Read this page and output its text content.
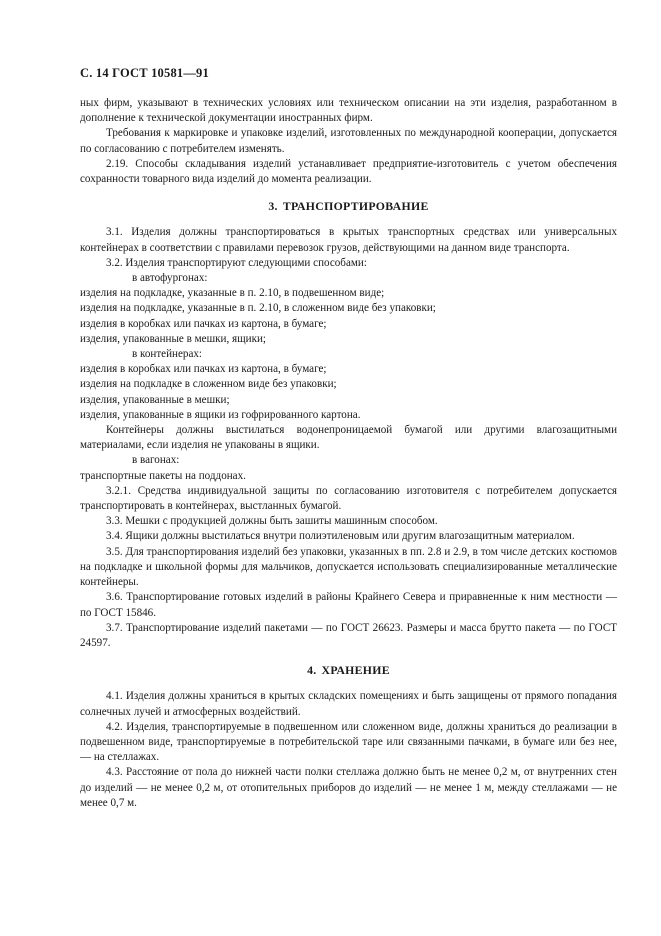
С. 14 ГОСТ 10581—91

ных фирм, указывают в технических условиях или техническом описании на эти изделия, разработанном в дополнение к технической документации иностранных фирм.

Требования к маркировке и упаковке изделий, изготовленных по международной кооперации, допускается по согласованию с потребителем изменять.

2.19. Способы складывания изделий устанавливает предприятие-изготовитель с учетом обеспечения сохранности товарного вида изделий до момента реализации.

3. ТРАНСПОРТИРОВАНИЕ

3.1. Изделия должны транспортироваться в крытых транспортных средствах или универсальных контейнерах в соответствии с правилами перевозок грузов, действующими на данном виде транспорта.

3.2. Изделия транспортируют следующими способами:

в автофургонах:

изделия на подкладке, указанные в п. 2.10, в подвешенном виде;

изделия на подкладке, указанные в п. 2.10, в сложенном виде без упаковки;

изделия в коробках или пачках из картона, в бумаге;

изделия, упакованные в мешки, ящики;

в контейнерах:

изделия в коробках или пачках из картона, в бумаге;

изделия на подкладке в сложенном виде без упаковки;

изделия, упакованные в мешки;

изделия, упакованные в ящики из гофрированного картона.

Контейнеры должны выстилаться водонепроницаемой бумагой или другими влагозащитными материалами, если изделия не упакованы в ящики.

в вагонах:

транспортные пакеты на поддонах.

3.2.1. Средства индивидуальной защиты по согласованию изготовителя с потребителем допускается транспортировать в контейнерах, выстланных бумагой.

3.3. Мешки с продукцией должны быть зашиты машинным способом.

3.4. Ящики должны выстилаться внутри полиэтиленовым или другим влагозащитным материалом.

3.5. Для транспортирования изделий без упаковки, указанных в пп. 2.8 и 2.9, в том числе детских костюмов на подкладке и школьной формы для мальчиков, допускается использовать специализированные металлические контейнеры.

3.6. Транспортирование готовых изделий в районы Крайнего Севера и приравненные к ним местности — по ГОСТ 15846.

3.7. Транспортирование изделий пакетами — по ГОСТ 26623. Размеры и масса брутто пакета — по ГОСТ 24597.

4. ХРАНЕНИЕ

4.1. Изделия должны храниться в крытых складских помещениях и быть защищены от прямого попадания солнечных лучей и атмосферных воздействий.

4.2. Изделия, транспортируемые в подвешенном или сложенном виде, должны храниться до реализации в подвешенном виде, транспортируемые в потребительской таре или связанными пачками, в бумаге или без нее, — на стеллажах.

4.3. Расстояние от пола до нижней части полки стеллажа должно быть не менее 0,2 м, от внутренних стен до изделий — не менее 0,2 м, от отопительных приборов до изделий — не менее 1 м, между стеллажами — не менее 0,7 м.
